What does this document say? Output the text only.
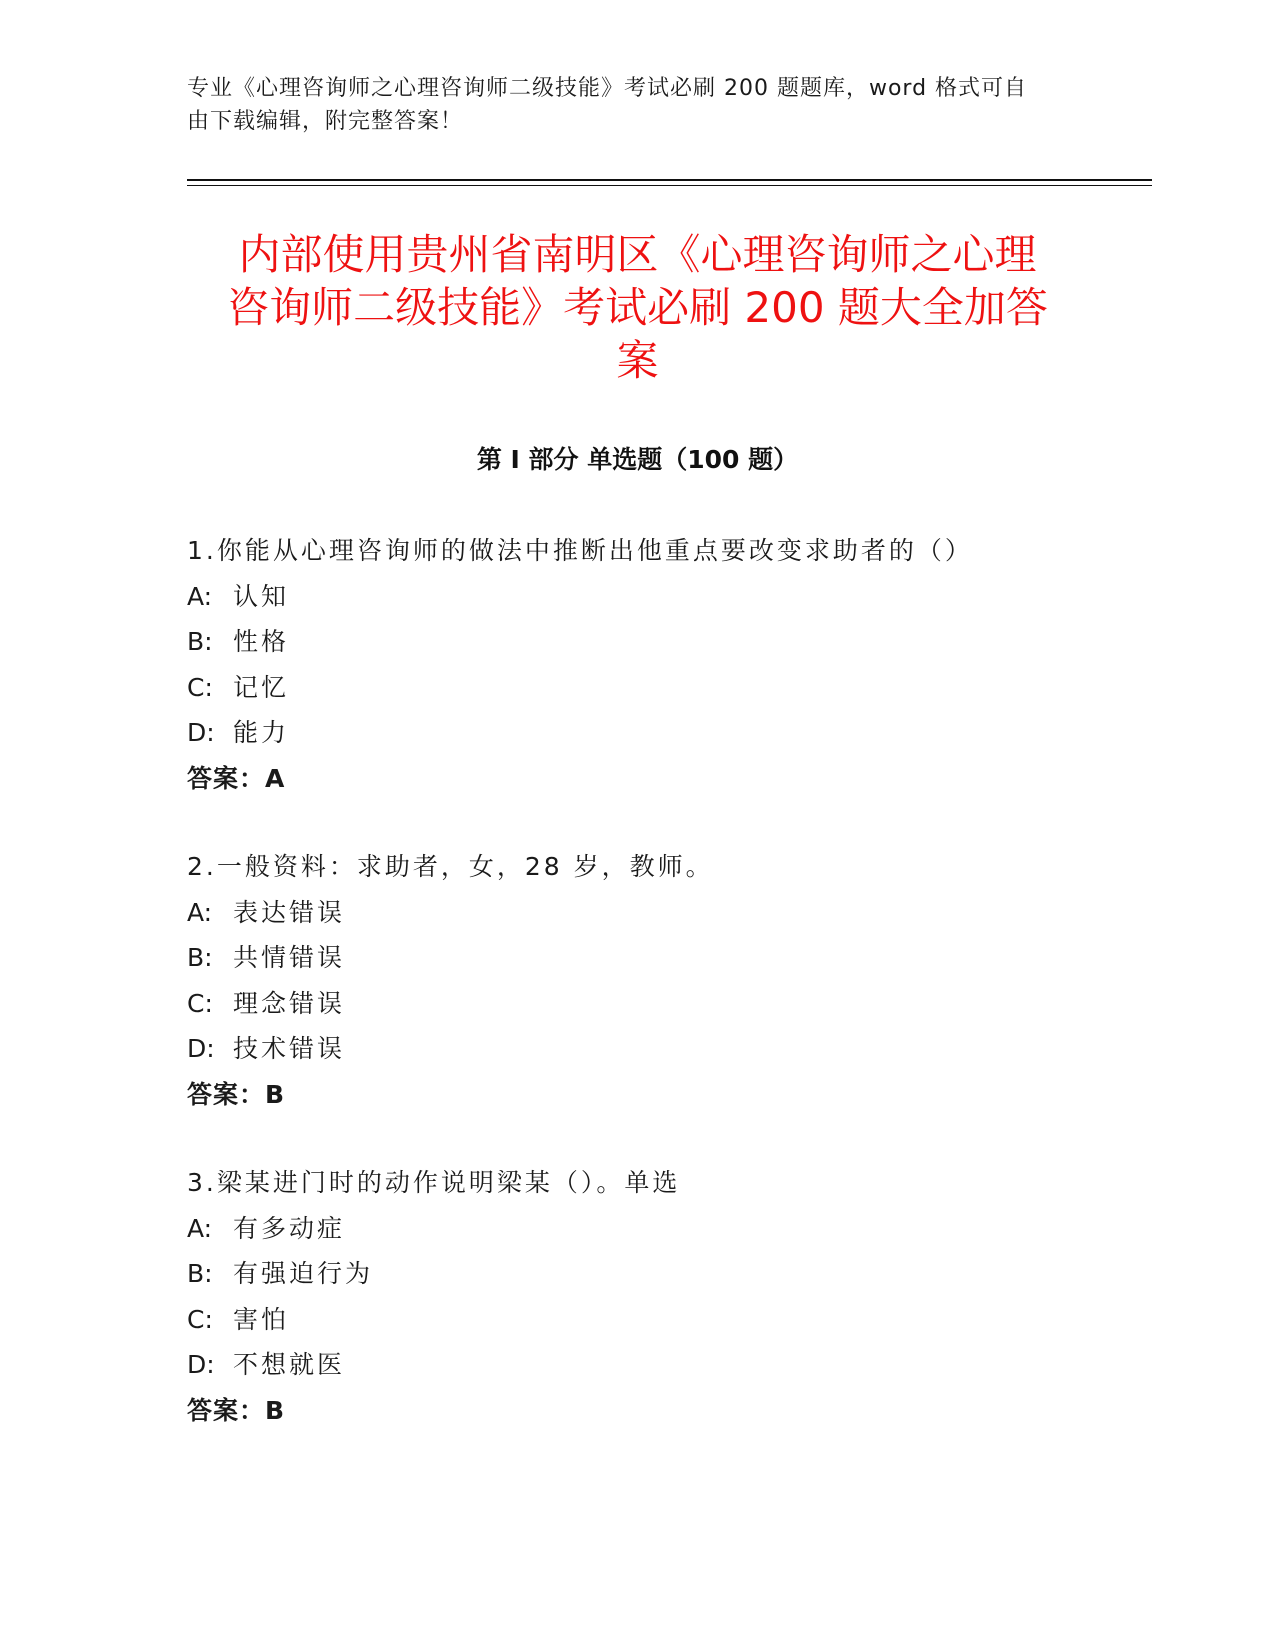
专业《心理咨询师之心理咨询师二级技能》考试必刷 200 题题库，word 格式可自
由下载编辑，附完整答案！
内部使用贵州省南明区《心理咨询师之心理
咨询师二级技能》考试必刷 200 题大全加答
案
第 I 部分 单选题（100 题）
1.你能从心理咨询师的做法中推断出他重点要改变求助者的（）
A: 认知
B: 性格
C: 记忆
D: 能力
答案：A
2.一般资料：求助者，女，28 岁，教师。
A: 表达错误
B: 共情错误
C: 理念错误
D: 技术错误
答案：B
3.梁某进门时的动作说明梁某（）。单选
A: 有多动症
B: 有强迫行为
C: 害怕
D: 不想就医
答案：B
